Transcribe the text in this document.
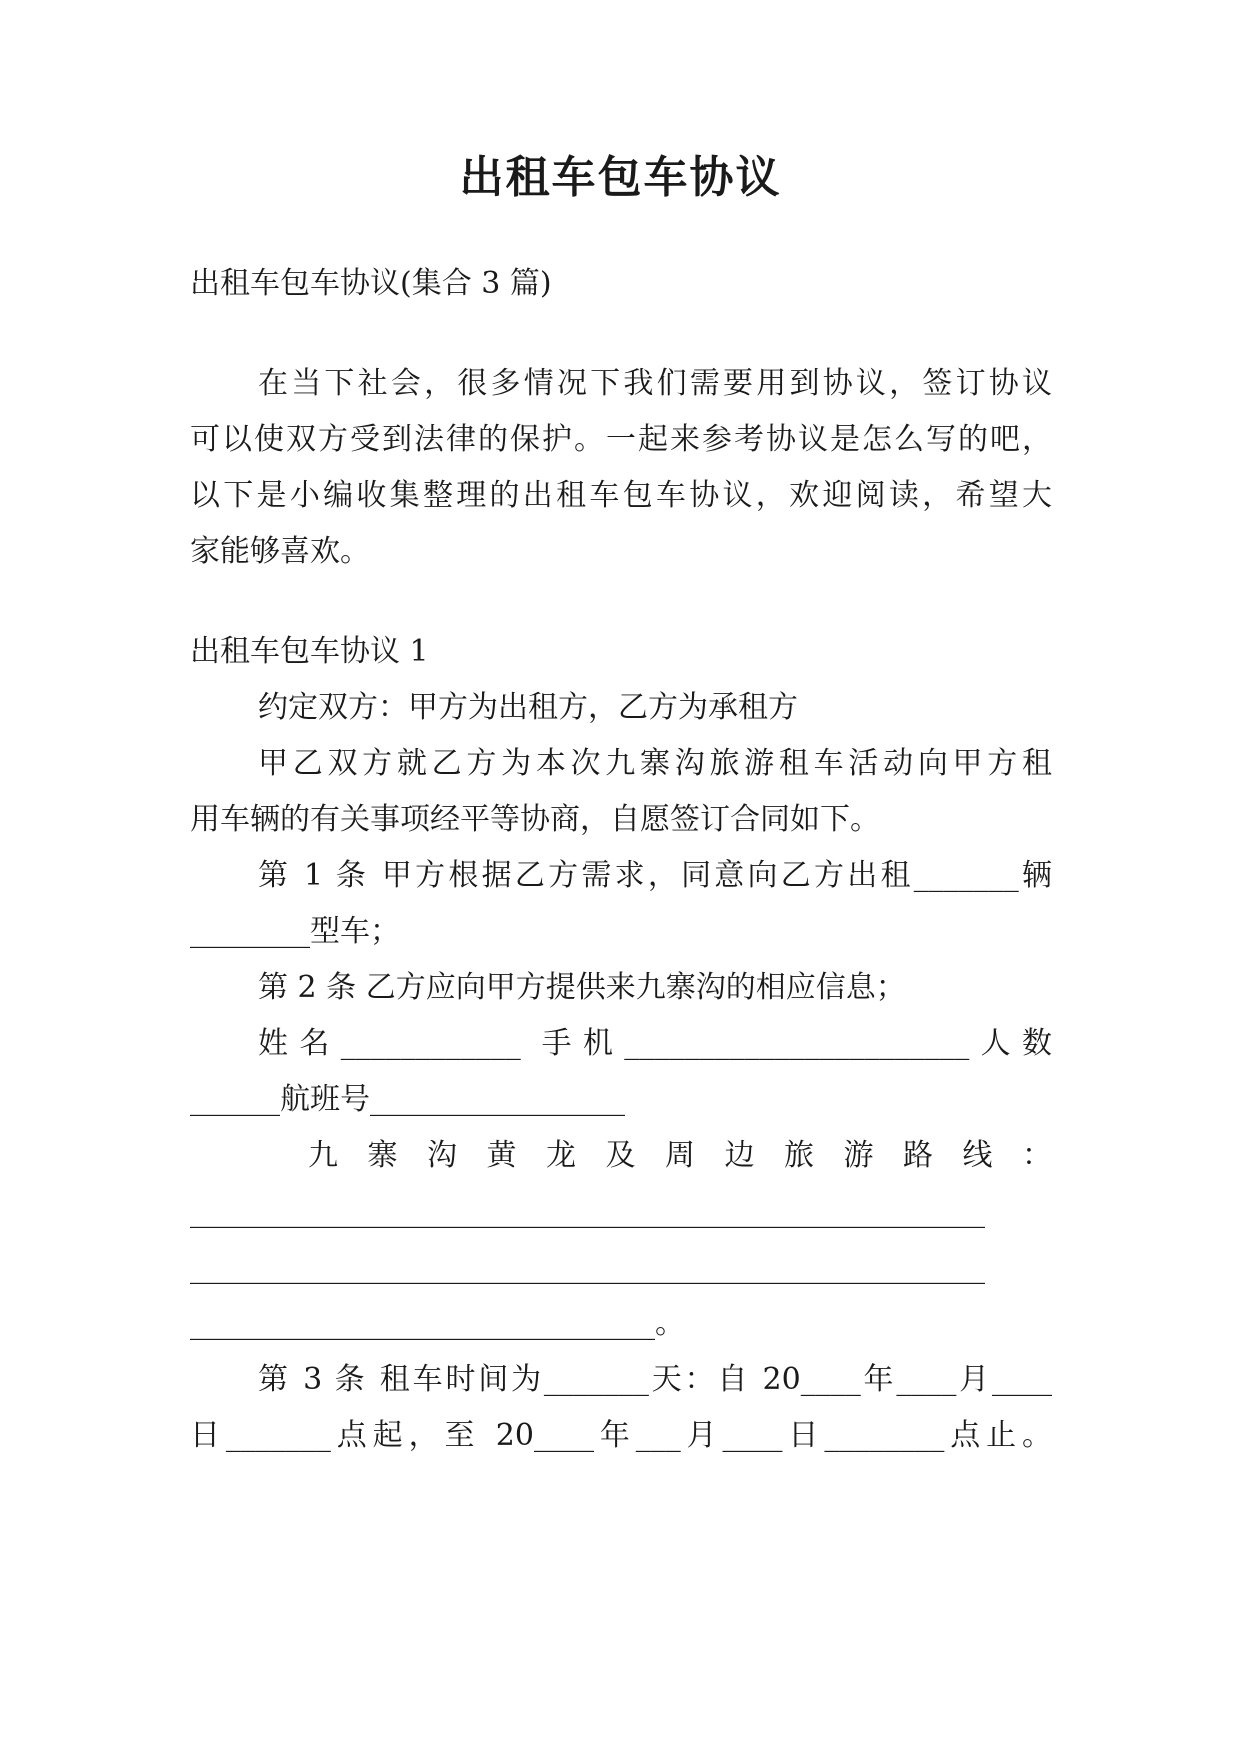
出租车包车协议
出租车包车协议(集合 3 篇)
在当下社会，很多情况下我们需要用到协议，签订协议
可以使双方受到法律的保护。一起来参考协议是怎么写的吧，
以下是小编收集整理的出租车包车协议，欢迎阅读，希望大
家能够喜欢。
出租车包车协议 1
约定双方：甲方为出租方，乙方为承租方
甲乙双方就乙方为本次九寨沟旅游租车活动向甲方租
用车辆的有关事项经平等协商，自愿签订合同如下。
第 1 条 甲方根据乙方需求，同意向乙方出租_______辆
________型车；
第 2 条 乙方应向甲方提供来九寨沟的相应信息；
姓名____________ 手机_______________________人数
______航班号_________________
九 寨 沟 黄 龙 及 周 边 旅 游 路 线 ：
_____________________________________________________
_____________________________________________________
_______________________________。
第 3 条 租车时间为_______天：自 20____年____月____
日_______点起，至 20____年___月____日________点止。
